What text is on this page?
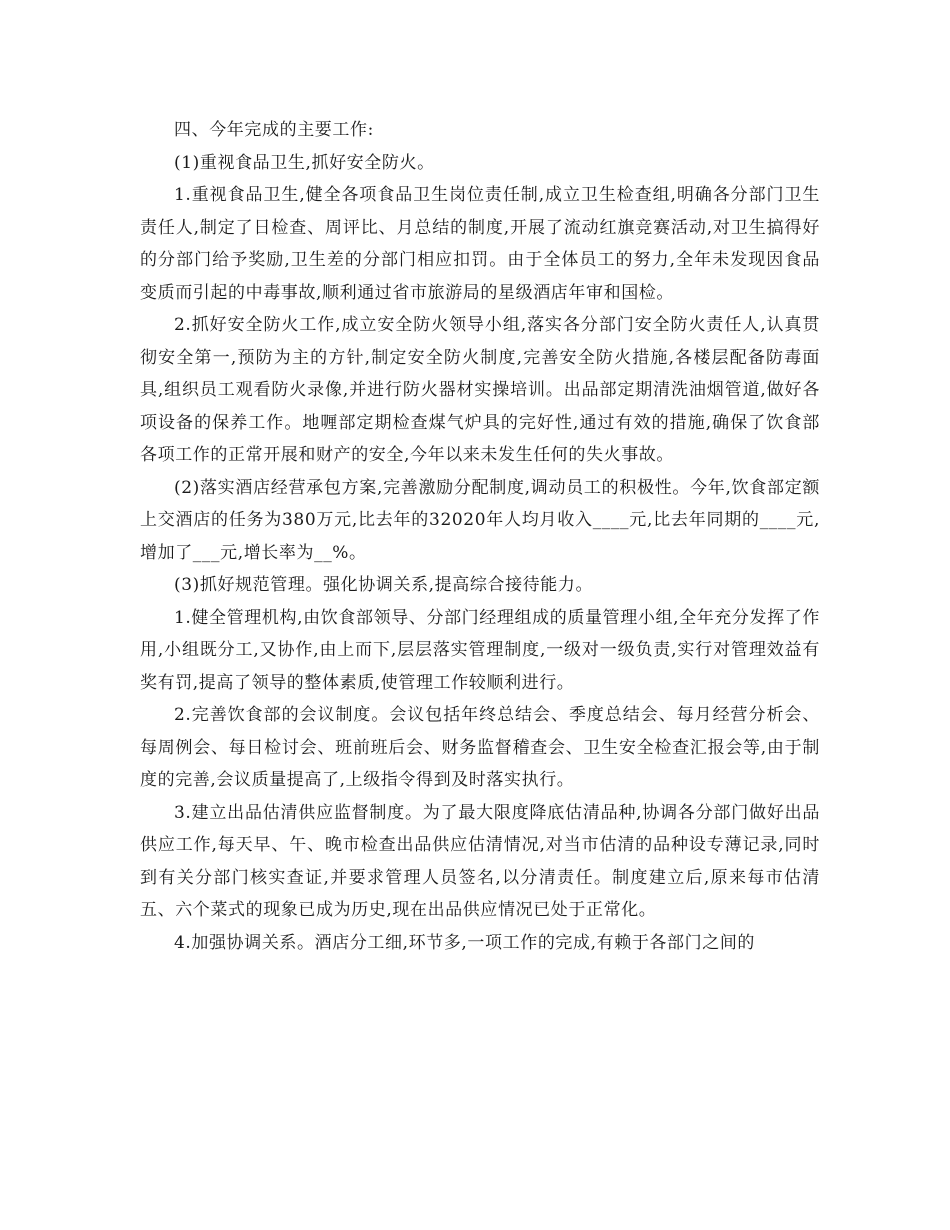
四、今年完成的主要工作:

(1)重视食品卫生,抓好安全防火。

1.重视食品卫生,健全各项食品卫生岗位责任制,成立卫生检查组,明确各分部门卫生责任人,制定了日检查、周评比、月总结的制度,开展了流动红旗竞赛活动,对卫生搞得好的分部门给予奖励,卫生差的分部门相应扣罚。由于全体员工的努力,全年未发现因食品变质而引起的中毒事故,顺利通过省市旅游局的星级酒店年审和国检。

2.抓好安全防火工作,成立安全防火领导小组,落实各分部门安全防火责任人,认真贯彻安全第一,预防为主的方针,制定安全防火制度,完善安全防火措施,各楼层配备防毒面具,组织员工观看防火录像,并进行防火器材实操培训。出品部定期清洗油烟管道,做好各项设备的保养工作。地喱部定期检查煤气炉具的完好性,通过有效的措施,确保了饮食部各项工作的正常开展和财产的安全,今年以来未发生任何的失火事故。

(2)落实酒店经营承包方案,完善激励分配制度,调动员工的积极性。今年,饮食部定额上交酒店的任务为380万元,比去年的32020年人均月收入____元,比去年同期的____元,增加了___元,增长率为__%。

(3)抓好规范管理。强化协调关系,提高综合接待能力。

1.健全管理机构,由饮食部领导、分部门经理组成的质量管理小组,全年充分发挥了作用,小组既分工,又协作,由上而下,层层落实管理制度,一级对一级负责,实行对管理效益有奖有罚,提高了领导的整体素质,使管理工作较顺利进行。

2.完善饮食部的会议制度。会议包括年终总结会、季度总结会、每月经营分析会、每周例会、每日检讨会、班前班后会、财务监督稽查会、卫生安全检查汇报会等,由于制度的完善,会议质量提高了,上级指令得到及时落实执行。

3.建立出品估清供应监督制度。为了最大限度降底估清品种,协调各分部门做好出品供应工作,每天早、午、晚市检查出品供应估清情况,对当市估清的品种设专薄记录,同时到有关分部门核实查证,并要求管理人员签名,以分清责任。制度建立后,原来每市估清五、六个菜式的现象已成为历史,现在出品供应情况已处于正常化。

4.加强协调关系。酒店分工细,环节多,一项工作的完成,有赖于各部门之间的
